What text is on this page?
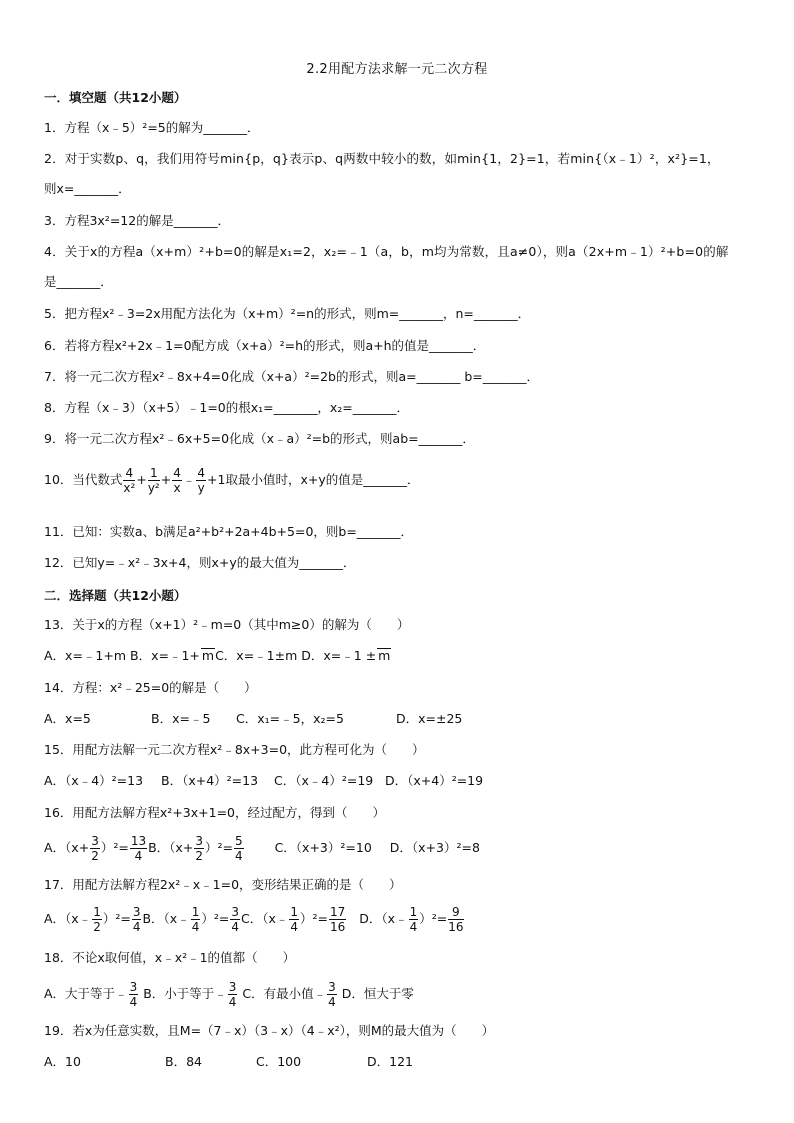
2.2用配方法求解一元二次方程
一．填空题（共12小题）
1．方程（x﹣5）²=5的解为_______．
2．对于实数p、q，我们用符号min{p，q}表示p、q两数中较小的数，如min{1，2}=1，若min{（x﹣1）²，x²}=1，
则x=_______．
3．方程3x²=12的解是_______．
4．关于x的方程a（x+m）²+b=0的解是x₁=2，x₂=﹣1（a，b，m均为常数，且a≠0），则a（2x+m﹣1）²+b=0的解
是_______．
5．把方程x²﹣3=2x用配方法化为（x+m）²=n的形式，则m=_______，n=_______．
6．若将方程x²+2x﹣1=0配方成（x+a）²=h的形式，则a+h的值是_______．
7．将一元二次方程x²﹣8x+4=0化成（x+a）²=2b的形式，则a=_______ b=_______．
8．方程（x﹣3）（x+5）﹣1=0的根x₁=_______，x₂=_______．
9．将一元二次方程x²﹣6x+5=0化成（x﹣a）²=b的形式，则ab=_______．
10．当代数式 $\frac{4}{\text{x²}} + \frac{1}{\text{y²}} + \frac{4}{x}$ ﹣ $\frac{4}{y} +1$取最小值时，x+y的值是_______．
11．已知：实数a、b满足a²+b²+2a+4b+5=0，则b=_______．
12．已知y=﹣x²﹣3x+4，则x+y的最大值为_______．
二．选择题（共12小题）
13．关于x的方程（x+1）²﹣m=0（其中m≥0）的解为（　　）
A．x=﹣1+m B．x=﹣1+ mC．x=﹣1±m D．x=﹣1 ± m
14．方程：x²﹣25=0的解是（　　）
A．x=5	B．x=﹣5 C．x₁=﹣5，x₂=5	D．x=±25
15．用配方法解一元二次方程x²﹣8x+3=0，此方程可化为（　　）
A．（x﹣4）²=13 B．（x+4）²=13 C．（x﹣4）²=19 D．（x+4）²=19
16．用配方法解方程x²+3x+1=0，经过配方，得到（　　）
A．$(x+ \frac{3}{2} )^2= \frac{13}{4}$ B．$(x+ \frac{3}{2} )^2= \frac{5}{4}$ C．（x+3）²=10 D．（x+3）²=8
17．用配方法解方程2x²﹣x﹣1=0，变形结果正确的是（　　）
A．（x﹣ $\frac{1}{2} )^2= \frac{3}{4}$ B．（x﹣ $\frac{1}{4} )^2= \frac{3}{4}$ C．（x﹣ $\frac{1}{4} )^2= \frac{17}{16}$ D．（x﹣ $\frac{1}{4} )^2= \frac{9}{16}$
18．不论x取何值，x﹣x²﹣1的值都（　　）
A．大于等于﹣ $\frac{3}{4}$ B．小于等于﹣ $\frac{3}{4}$ C．有最小值﹣ $\frac{3}{4}$ D．恒大于零
19．若x为任意实数，且M=（7﹣x）（3﹣x）（4﹣x²），则M的最大值为（　　）
A．10	B．84	C．100	D．121
